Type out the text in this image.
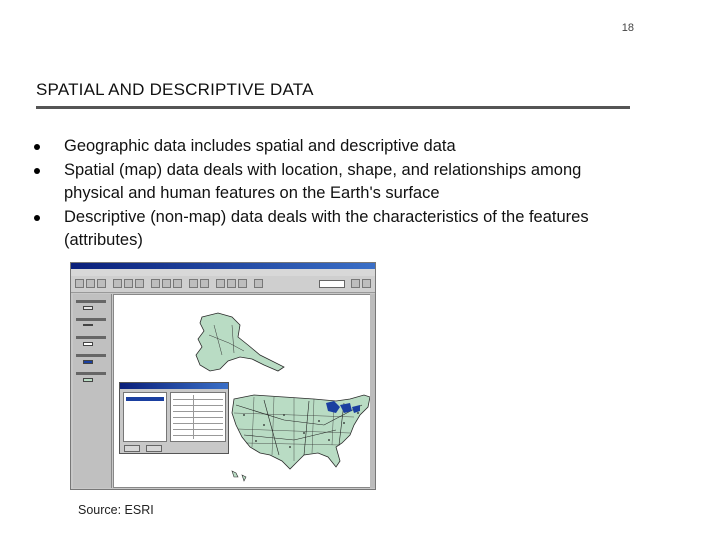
18
SPATIAL AND DESCRIPTIVE DATA
Geographic data includes spatial and descriptive data
Spatial (map) data deals with location, shape, and relationships among physical and human features on the Earth's surface
Descriptive (non-map) data deals with the characteristics of the features (attributes)
Source: ESRI
